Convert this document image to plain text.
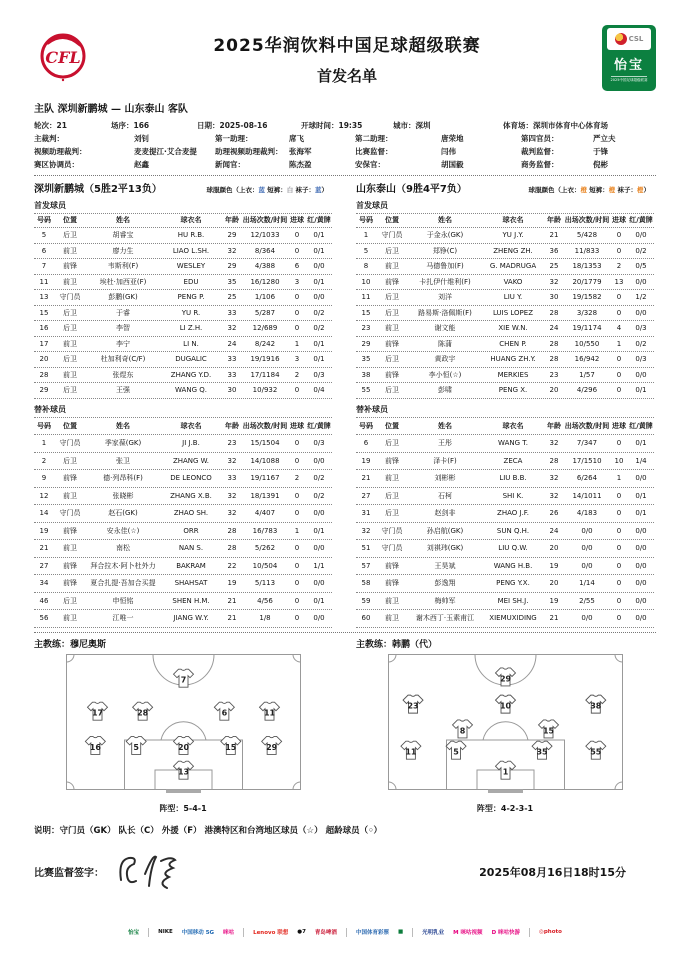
CFL
2025华润饮料中国足球超级联赛
首发名单
CSL
怡宝
2025中国足球超级联赛
主队 深圳新鹏城 — 山东泰山 客队
轮次： 21	场序： 166	日期： 2025-08-16	开球时间： 19:35	城市： 深圳	体育场： 深圳市体育中心体育场
主裁判：	刘钊	第一助理：	席飞	第二助理：	唐荣地	第四官员：	严立夫
视频助理裁判：	麦麦提江·艾合麦提 助理视频助理裁判： 张海军	比赛监督：	闫伟	裁判监督：	于锋
赛区协调员：	赵鑫	新闻官：	陈杰盈	安保官：	胡国毅	商务监督：	倪彬
深圳新鹏城（5胜2平13负）	球服颜色（上衣：蓝 短裤：白 袜子：蓝）
首发球员
号码	位置	姓名	球衣名	年龄 出场次数/时间 进球 红/黄牌
5	后卫	胡睿宝	HU R.B.	29	12/1033	0	0/1
6	前卫	廖力生	LIAO L.SH.	32	8/364	0	0/1
7	前锋	韦斯利(F)	WESLEY	29	4/388	6	0/0
11	前卫	埃杜·加西亚(F)	EDU	35	16/1280	3	0/1
13	守门员	彭鹏(GK)	PENG P.	25	1/106	0	0/0
15	后卫	于睿	YU R.	33	5/287	0	0/2
16	后卫	李智	LI Z.H.	32	12/689	0	0/2
17	前卫	李宁	LI N.	24	8/242	1	0/1
20	后卫	杜加利奇(C/F)	DUGALIC	33	19/1916	3	0/1
28	前卫	张煜东	ZHANG Y.D.	33	17/1184	2	0/3
29	后卫	王强	WANG Q.	30	10/932	0	0/4
替补球员
号码	位置	姓名	球衣名	年龄 出场次数/时间 进球 红/黄牌
1	守门员	季家葆(GK)	JI J.B.	23	15/1504	0	0/3
2	后卫	张卫	ZHANG W.	32	14/1088	0	0/0
9	前锋	德·列昂科(F)	DE LEONCO	33	19/1167	2	0/2
12	前卫	张晓彬	ZHANG X.B.	32	18/1391	0	0/2
14	守门员	赵石(GK)	ZHAO SH.	32	4/407	0	0/0
19	前锋	安永佳(☆)	ORR	28	16/783	1	0/1
21	前卫	南松	NAN S.	28	5/262	0	0/0
27	前锋	拜合拉木·阿卜杜外力	BAKRAM	22	10/504	0	1/1
34	前锋	夏合扎提·吾加合买提	SHAHSAT	19	5/113	0	0/0
46	后卫	申恒铭	SHEN H.M.	21	4/56	0	0/1
56	前卫	江唯一	JIANG W.Y.	21	1/8	0	0/0
山东泰山（9胜4平7负）	球服颜色（上衣：橙 短裤：橙 袜子：橙）
首发球员
号码	位置	姓名	球衣名	年龄 出场次数/时间 进球 红/黄牌
1	守门员	于金永(GK)	YU J.Y.	21	5/428	0	0/0
5	后卫	郑铮(C)	ZHENG ZH.	36	11/833	0	0/2
8	前卫	马德鲁加(F)	G. MADRUGA	25	18/1353	2	0/5
10	前锋	卡扎伊什维利(F)	VAKO	32	20/1779	13	0/0
11	后卫	刘洋	LIU Y.	30	19/1582	0	1/2
15	后卫	路易斯·洛佩斯(F)	LUIS LOPEZ	28	3/328	0	0/0
23	前卫	谢文能	XIE W.N.	24	19/1174	4	0/3
29	前锋	陈蒲	CHEN P.	28	10/550	1	0/2
35	后卫	黄政宇	HUANG ZH.Y.	28	16/942	0	0/3
38	前锋	李小恒(☆)	MERKIES	23	1/57	0	0/0
55	后卫	彭啸	PENG X.	20	4/296	0	0/1
替补球员
号码	位置	姓名	球衣名	年龄 出场次数/时间 进球 红/黄牌
6	后卫	王彤	WANG T.	32	7/347	0	0/1
19	前锋	泽卡(F)	ZECA	28	17/1510	10	1/4
21	前卫	刘彬彬	LIU B.B.	32	6/264	1	0/0
27	后卫	石柯	SHI K.	32	14/1011	0	0/1
31	后卫	赵剑非	ZHAO J.F.	26	4/183	0	0/1
32	守门员	孙启航(GK)	SUN Q.H.	24	0/0	0	0/0
51	守门员	刘祺玮(GK)	LIU Q.W.	20	0/0	0	0/0
57	前锋	王昊斌	WANG H.B.	19	0/0	0	0/0
58	前锋	彭逸翔	PENG Y.X.	20	1/14	0	0/0
59	前卫	梅帅军	MEI SH.J.	19	2/55	0	0/0
60	前卫	谢木西丁·玉素甫江	XIEMUXIDING	21	0/0	0	0/0
主教练：穆尼奥斯
7
17	28	6	11
16	5	20	15	29
13
阵型：5-4-1
主教练：韩鹏（代）
29
23	10	38
8	15
11	5	35	55
1
阵型：4-2-3-1
说明：守门员（GK） 队长（C） 外援（F） 港澳特区和台湾地区球员（☆） 超龄球员（◦）
比赛监督签字：	2025年08月16日18时15分
怡宝	NIKE 中国移动 5G 咪咕	Lenovo 联想 ●7 青岛啤酒	中国体育彩票 ■	光明乳业 M 咪咕视频 D 咪咕快游	◎photo
